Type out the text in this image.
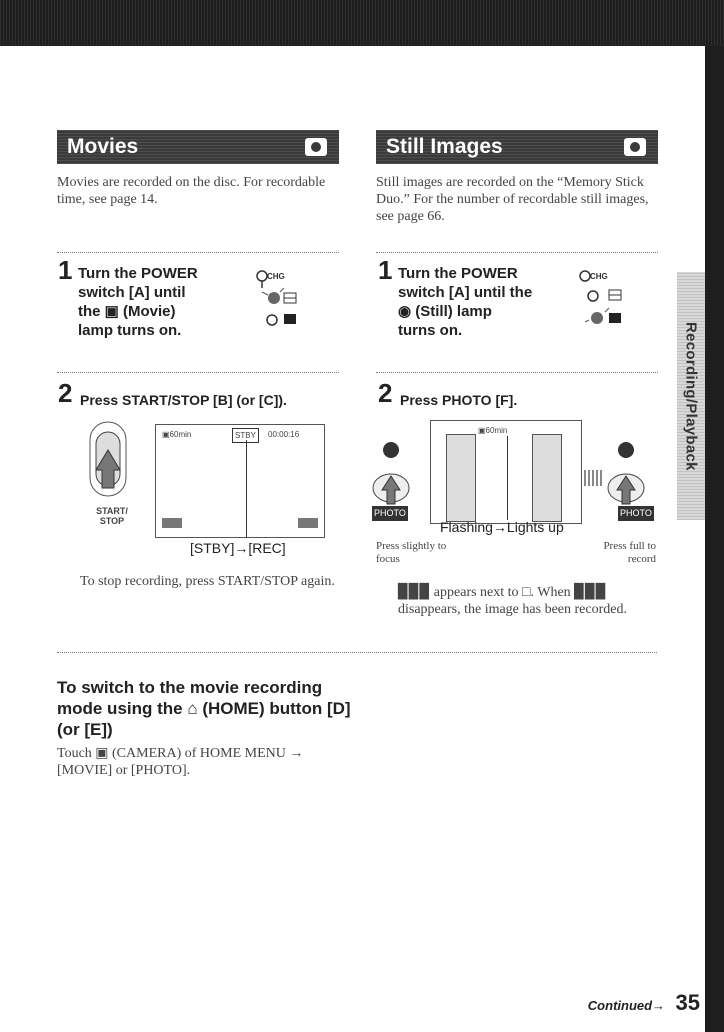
Recording/Playback
Movies
Movies are recorded on the disc. For recordable time, see page 14.
1 Turn the POWER
switch [A] until
the ▣ (Movie)
lamp turns on.
CHG
2 Press START/STOP [B] (or [C]).
START/
STOP
▣60min	STBY	00:00:16
[STBY]→[REC]
To stop recording, press START/STOP again.
Still Images
Still images are recorded on the “Memory Stick Duo.” For the number of recordable still images, see page 66.
1 Turn the POWER
switch [A] until the
◉ (Still) lamp
turns on.
CHG
2 Press PHOTO [F].
▣60min
Flashing→Lights up
PHOTO	PHOTO
Press slightly to focus
Press full to record
▉▉▉ appears next to □. When ▉▉▉ disappears, the image has been recorded.
To switch to the movie recording
mode using the ⌂ (HOME) button [D]
(or [E])
Touch ▣ (CAMERA) of HOME MENU → [MOVIE] or [PHOTO].
Continued→ 35
